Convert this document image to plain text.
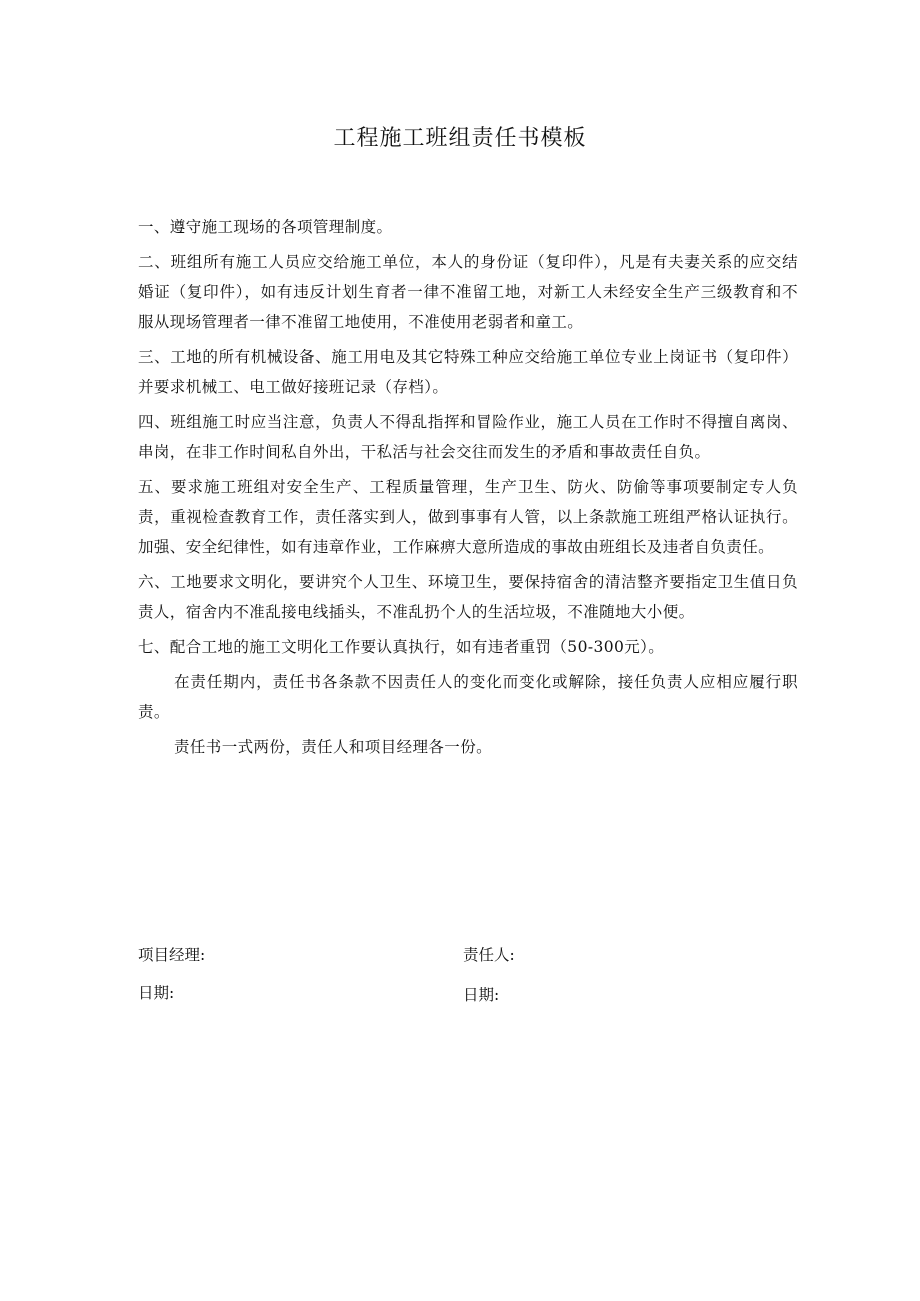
工程施工班组责任书模板

一、遵守施工现场的各项管理制度。

二、班组所有施工人员应交给施工单位，本人的身份证（复印件），凡是有夫妻关系的应交结婚证（复印件），如有违反计划生育者一律不准留工地，对新工人未经安全生产三级教育和不服从现场管理者一律不准留工地使用，不准使用老弱者和童工。

三、工地的所有机械设备、施工用电及其它特殊工种应交给施工单位专业上岗证书（复印件）并要求机械工、电工做好接班记录（存档）。

四、班组施工时应当注意，负责人不得乱指挥和冒险作业，施工人员在工作时不得擅自离岗、串岗，在非工作时间私自外出，干私活与社会交往而发生的矛盾和事故责任自负。

五、要求施工班组对安全生产、工程质量管理，生产卫生、防火、防偷等事项要制定专人负责，重视检查教育工作，责任落实到人，做到事事有人管，以上条款施工班组严格认证执行。加强、安全纪律性，如有违章作业，工作麻痹大意所造成的事故由班组长及违者自负责任。

六、工地要求文明化，要讲究个人卫生、环境卫生，要保持宿舍的清洁整齐要指定卫生值日负责人，宿舍内不准乱接电线插头，不准乱扔个人的生活垃圾，不准随地大小便。

七、配合工地的施工文明化工作要认真执行，如有违者重罚（50-300元）。

在责任期内，责任书各条款不因责任人的变化而变化或解除，接任负责人应相应履行职责。

责任书一式两份，责任人和项目经理各一份。

项目经理:	责任人:
日期:	日期:
